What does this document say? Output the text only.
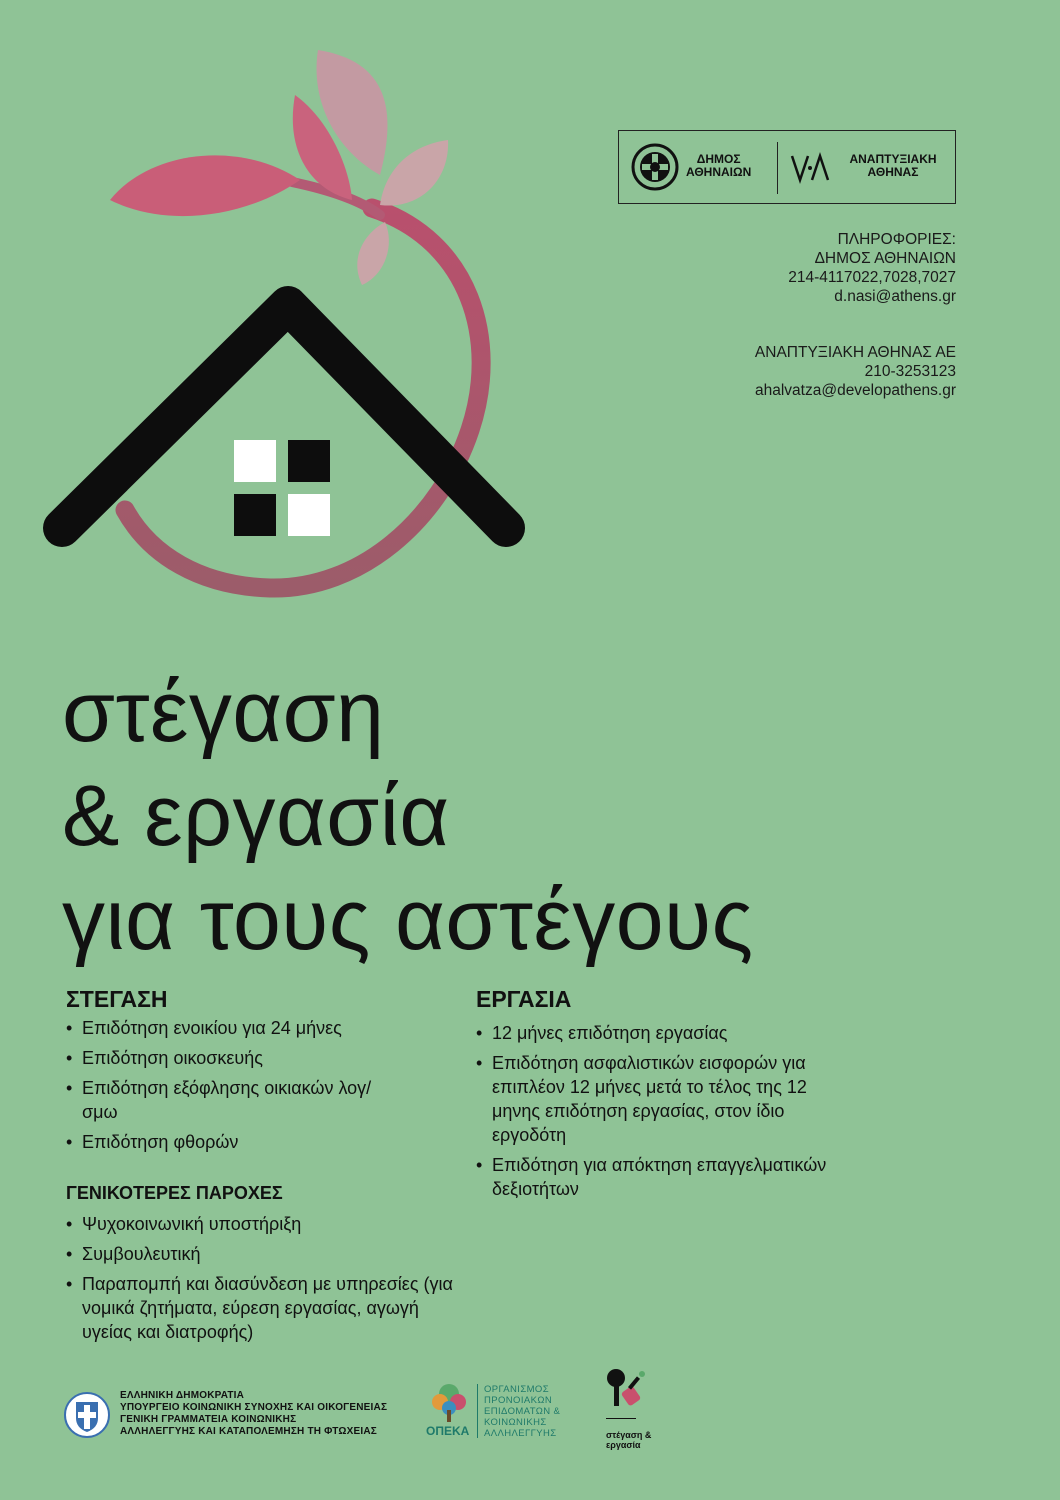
ΔΗΜΟΣ
ΑΘΗΝΑΙΩΝ
ΑΝΑΠΤΥΞΙΑΚΗ
ΑΘΗΝΑΣ
ΠΛΗΡΟΦΟΡΙΕΣ:
ΔΗΜΟΣ ΑΘΗΝΑΙΩΝ
214-4117022,7028,7027
d.nasi@athens.gr
ΑΝΑΠΤΥΞΙΑΚΗ ΑΘΗΝΑΣ ΑΕ
210-3253123
ahalvatza@developathens.gr
στέγαση
& εργασία
για τους αστέγους
ΣΤΕΓΑΣΗ
• Επιδότηση ενοικίου για 24 μήνες
• Επιδότηση οικοσκευής
• Επιδότηση εξόφλησης οικιακών λογ/σμω
• Επιδότηση φθορών
ΓΕΝΙΚΟΤΕΡΕΣ ΠΑΡΟΧΕΣ
• Ψυχοκοινωνική υποστήριξη
• Συμβουλευτική
• Παραπομπή και διασύνδεση με υπηρεσίες (για νομικά ζητήματα, εύρεση εργασίας, αγωγή υγείας και διατροφής)
ΕΡΓΑΣΙΑ
• 12 μήνες επιδότηση εργασίας
• Επιδότηση ασφαλιστικών εισφορών για επιπλέον 12 μήνες μετά το τέλος της 12 μηνης επιδότηση εργασίας, στον ίδιο εργοδότη
• Επιδότηση για απόκτηση επαγγελματικών δεξιοτήτων
ΕΛΛΗΝΙΚΗ ΔΗΜΟΚΡΑΤΙΑ
ΥΠΟΥΡΓΕΙΟ ΚΟΙΝΩΝΙΚΗ ΣΥΝΟΧΗΣ ΚΑΙ ΟΙΚΟΓΕΝΕΙΑΣ
ΓΕΝΙΚΗ ΓΡΑΜΜΑΤΕΙΑ ΚΟΙΝΩΝΙΚΗΣ
ΑΛΛΗΛΕΓΓΥΗΣ ΚΑΙ ΚΑΤΑΠΟΛΕΜΗΣΗ ΤΗ ΦΤΩΧΕΙΑΣ	ΟΠΕΚΑ
ΟΡΓΑΝΙΣΜΟΣ
ΠΡΟΝΟΙΑΚΩΝ
ΕΠΙΔΟΜΑΤΩΝ &
ΚΟΙΝΩΝΙΚΗΣ
ΑΛΛΗΛΕΓΓΥΗΣ	στέγαση &
εργασία
